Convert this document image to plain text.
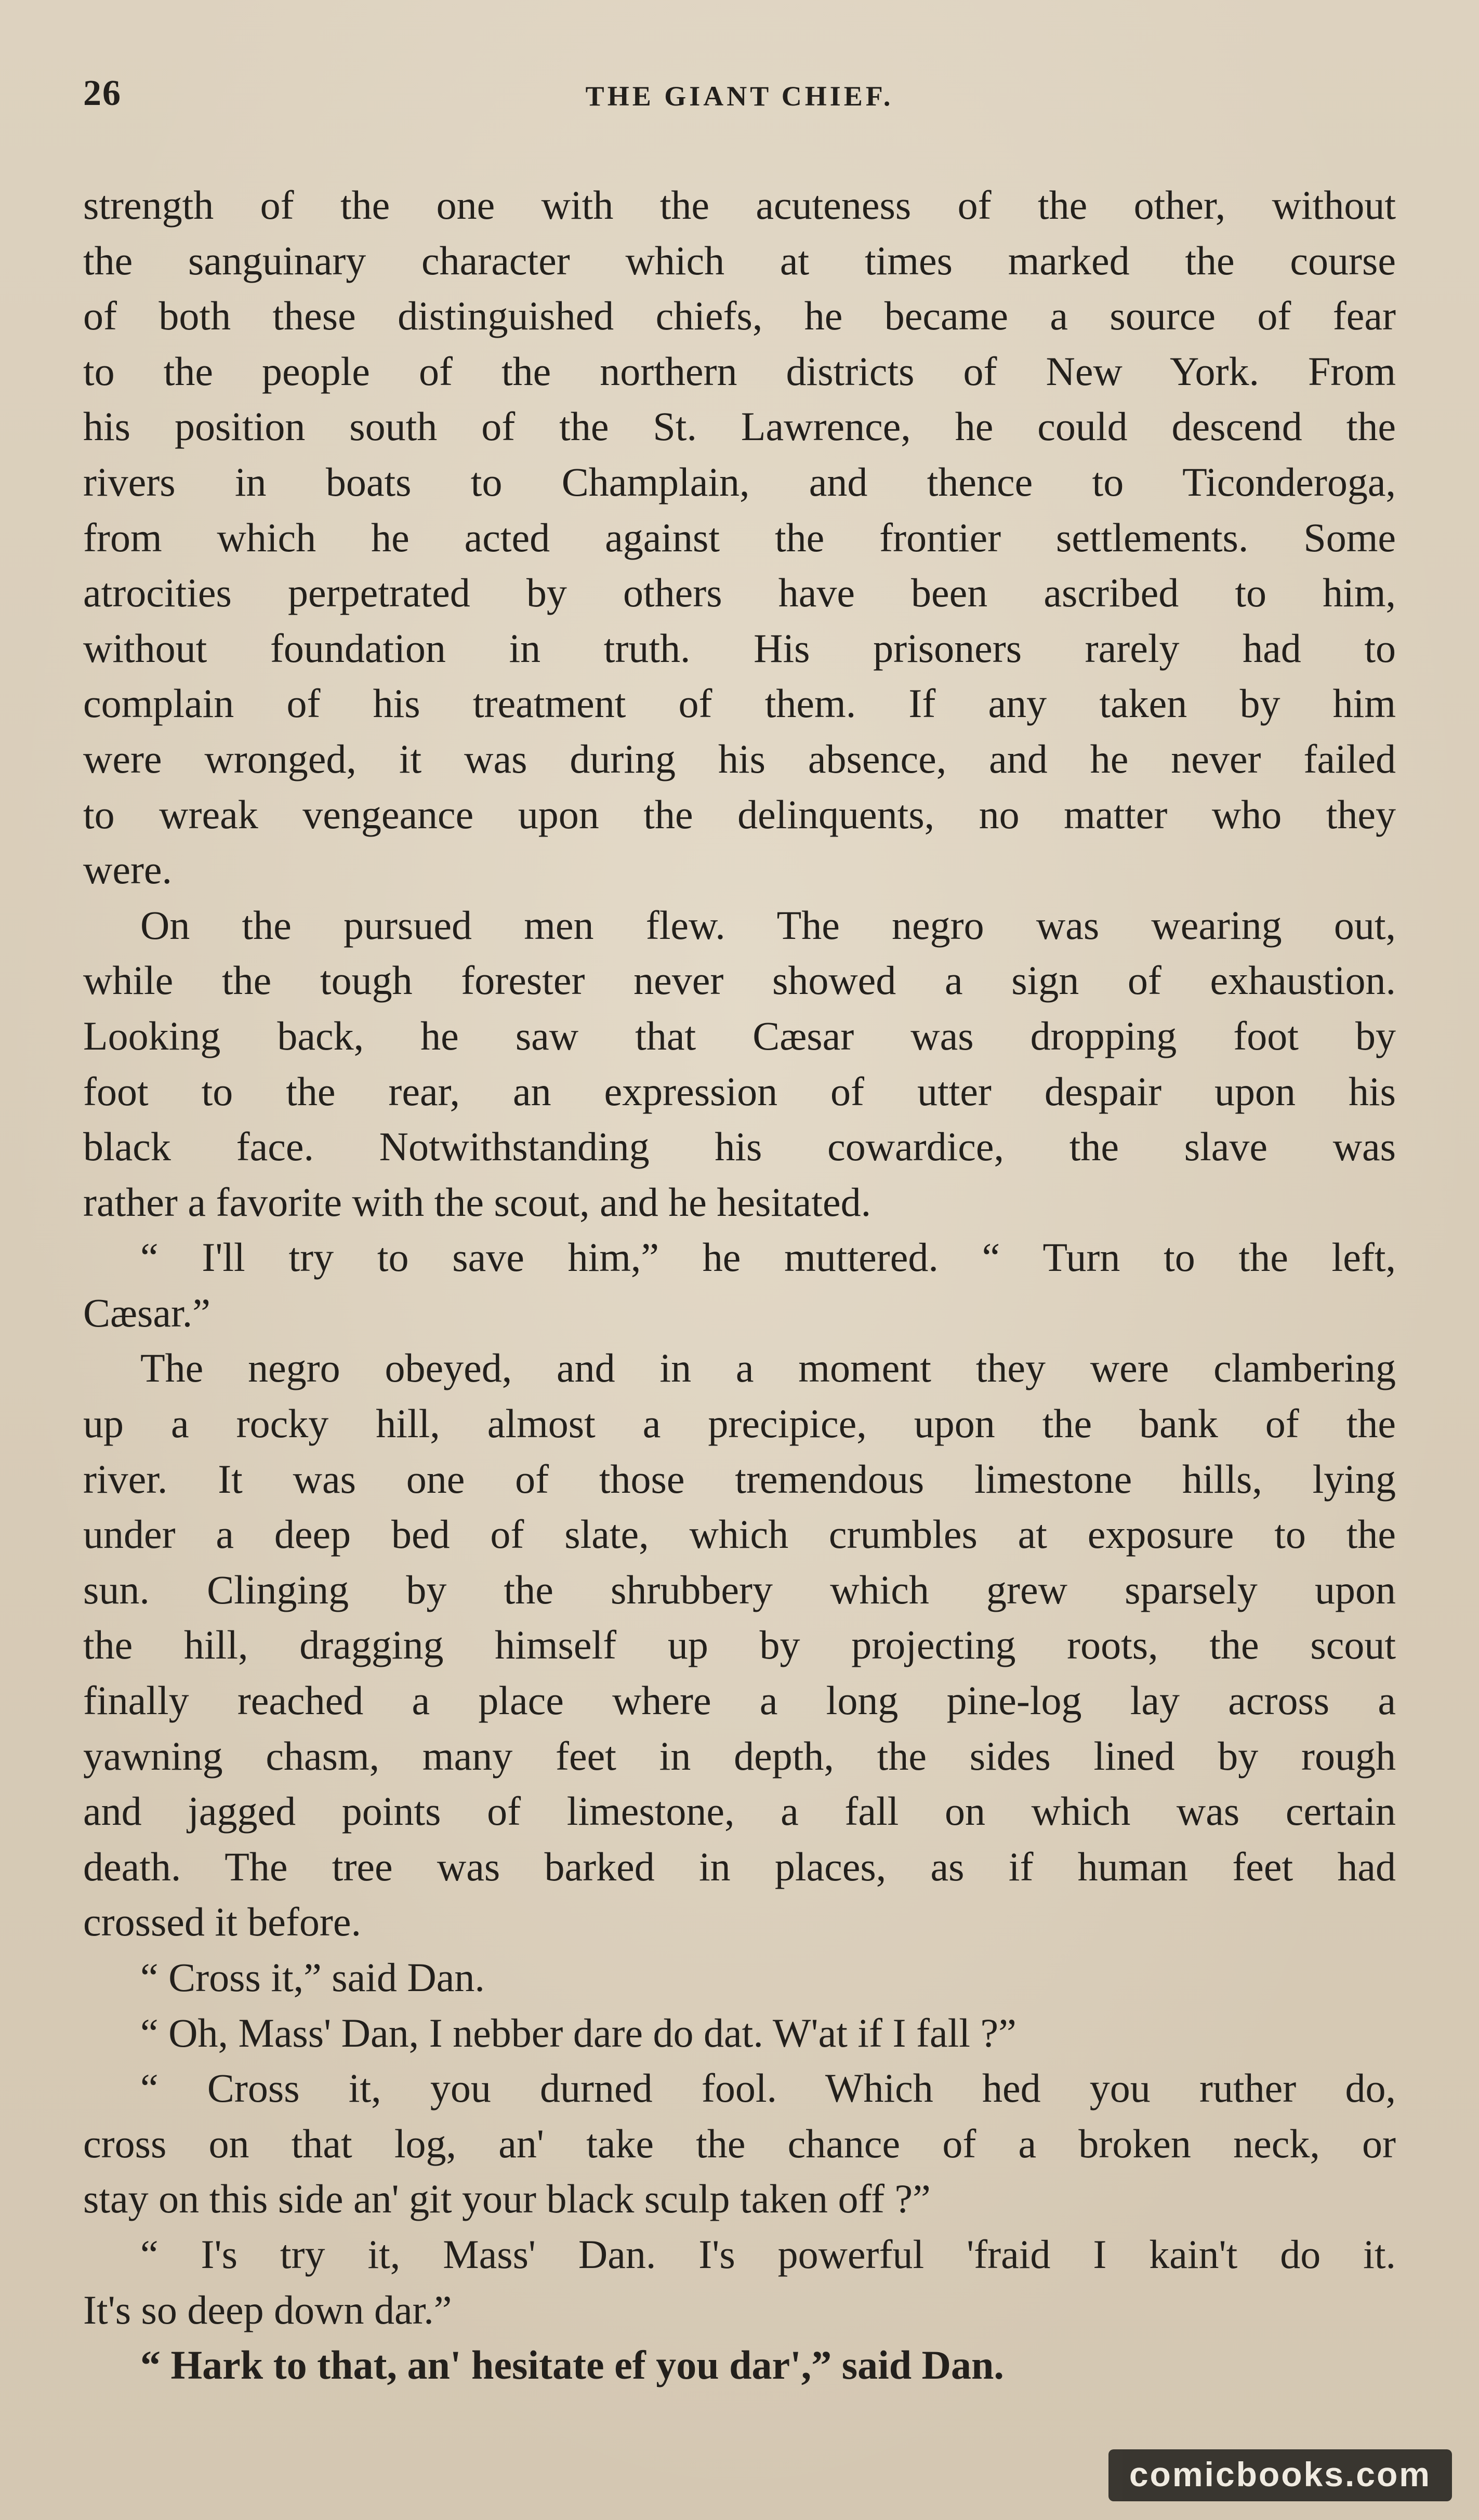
26	THE GIANT CHIEF.
strength of the one with the acuteness of the other, without
the sanguinary character which at times marked the course
of both these distinguished chiefs, he became a source of fear
to the people of the northern districts of New York. From
his position south of the St. Lawrence, he could descend the
rivers in boats to Champlain, and thence to Ticonderoga,
from which he acted against the frontier settlements. Some
atrocities perpetrated by others have been ascribed to him,
without foundation in truth. His prisoners rarely had to
complain of his treatment of them. If any taken by him
were wronged, it was during his absence, and he never failed
to wreak vengeance upon the delinquents, no matter who they
were.
On the pursued men flew. The negro was wearing out,
while the tough forester never showed a sign of exhaustion.
Looking back, he saw that Cæsar was dropping foot by
foot to the rear, an expression of utter despair upon his
black face. Notwithstanding his cowardice, the slave was
rather a favorite with the scout, and he hesitated.
“ I'll try to save him,” he muttered. “ Turn to the left,
Cæsar.”
The negro obeyed, and in a moment they were clambering
up a rocky hill, almost a precipice, upon the bank of the
river. It was one of those tremendous limestone hills, lying
under a deep bed of slate, which crumbles at exposure to the
sun. Clinging by the shrubbery which grew sparsely upon
the hill, dragging himself up by projecting roots, the scout
finally reached a place where a long pine-log lay across a
yawning chasm, many feet in depth, the sides lined by rough
and jagged points of limestone, a fall on which was certain
death. The tree was barked in places, as if human feet had
crossed it before.
“ Cross it,” said Dan.
“ Oh, Mass' Dan, I nebber dare do dat. W'at if I fall ?”
“ Cross it, you durned fool. Which hed you ruther do,
cross on that log, an' take the chance of a broken neck, or
stay on this side an' git your black sculp taken off ?”
“ I's try it, Mass' Dan. I's powerful 'fraid I kain't do it.
It's so deep down dar.”
“ Hark to that, an' hesitate ef you dar',” said Dan.
comicbooks.com
